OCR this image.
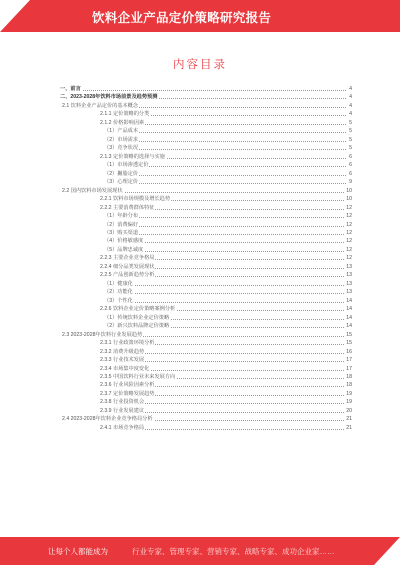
饮料企业产品定价策略研究报告
内容目录
一、前言	4
二、2023-2028年饮料市场前景及趋势预测	4
2.1 饮料企业产品定价的基本概念	4
2.1.1 定价策略的分类	4
2.1.2 价格影响因素	5
（1）产品成本	5
（2）市场需求	5
（3）竞争状况	5
2.1.3 定价策略的选择与实施	6
（1）市场渗透定价	6
（2）撇脂定价	6
（3）心理定价	9
2.2 国内饮料市场发展现状	10
2.2.1 饮料市场规模及增长趋势	10
2.2.2 主要消费群体特征	12
（1）年龄分布	12
（2）消费偏好	12
（3）购买渠道	12
（4）价格敏感度	12
（5）品牌忠诚度	12
2.2.3 主要企业竞争格局	12
2.2.4 细分品类发展现状	13
2.2.5 产品创新趋势分析	13
（1）健康化	13
（2）功能化	13
（3）个性化	14
2.2.6 饮料企业定价策略案例分析	14
（1）传统饮料企业定价策略	14
（2）新兴饮料品牌定价策略	14
2.3 2023-2028年饮料行业发展趋势	15
2.3.1 行业政策环境分析	15
2.3.2 消费升级趋势	16
2.3.3 行业技术发展	17
2.3.4 市场集中度变化	17
2.3.5 中国饮料行业未来发展方向	18
2.3.6 行业风险因素分析	18
2.3.7 定价策略发展趋势	19
2.3.8 行业投资机会	19
2.3.9 行业发展建议	20
2.4 2023-2028年饮料企业竞争格局分析	21
2.4.1 市场竞争格局	21
让每个人都能成为	行业专家、管理专家、营销专家、战略专家、成功企业家……
